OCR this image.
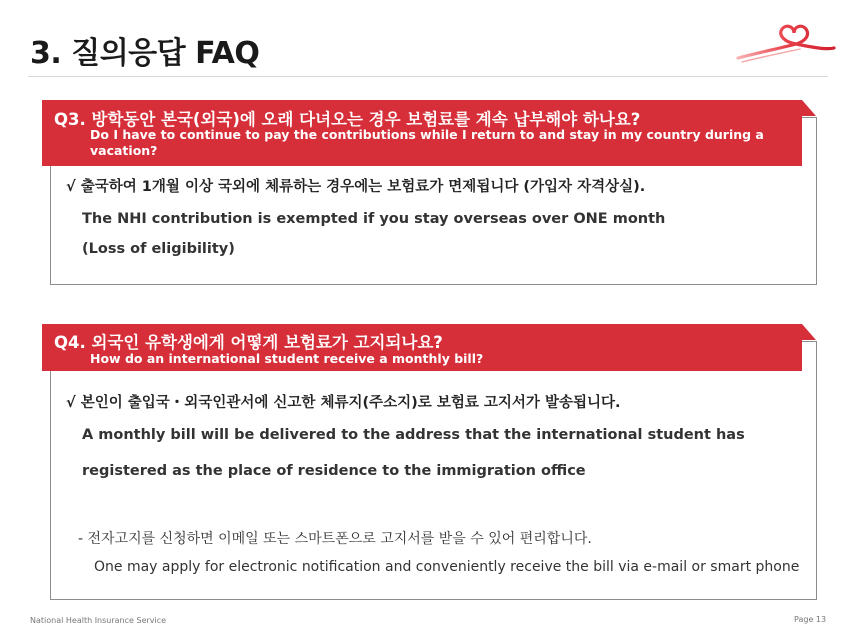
3. 질의응답 FAQ
Q3. 방학동안 본국(외국)에 오래 다녀오는 경우 보험료를 계속 납부해야 하나요?
Do I have to continue to pay the contributions while I return to and stay in my country during a vacation?
√ 출국하여 1개월 이상 국외에 체류하는 경우에는 보험료가 면제됩니다 (가입자 자격상실).
The NHI contribution is exempted if you stay overseas over ONE month
(Loss of eligibility)
Q4. 외국인 유학생에게 어떻게 보험료가 고지되나요?
How do an international student receive a monthly bill?
√ 본인이 출입국・외국인관서에 신고한 체류지(주소지)로 보험료 고지서가 발송됩니다.
A monthly bill will be delivered to the address that the international student has
registered as the place of residence to the immigration office
- 전자고지를 신청하면 이메일 또는 스마트폰으로 고지서를 받을 수 있어 편리합니다.
One may apply for electronic notification and conveniently receive the bill via e-mail or smart phone
National Health Insurance Service	Page 13
